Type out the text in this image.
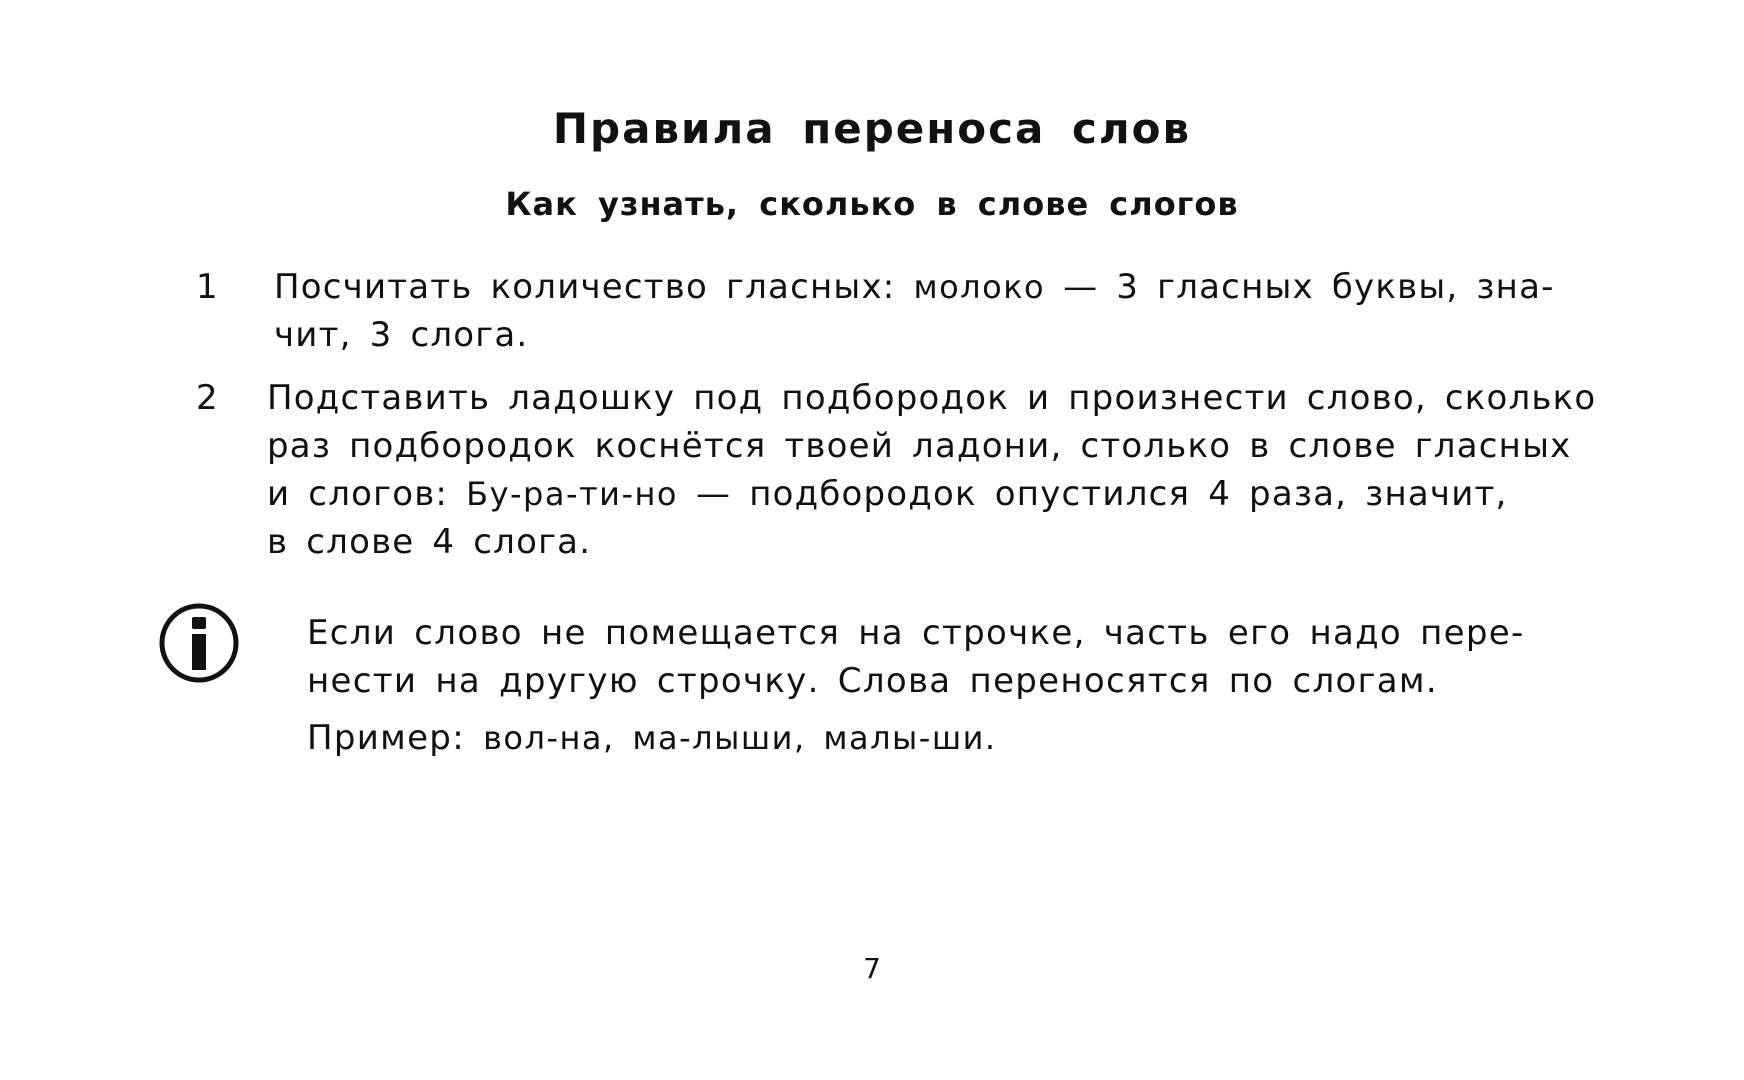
Правила переноса слов
Как узнать, сколько в слове слогов
1 Посчитать количество гласных: молоко — 3 гласных буквы, зна-
чит, 3 слога.
2 Подставить ладошку под подбородок и произнести слово, сколько
раз подбородок коснётся твоей ладони, столько в слове гласных
и слогов: Бу-ра-ти-но — подбородок опустился 4 раза, значит,
в слове 4 слога.
Если слово не помещается на строчке, часть его надо пере-
нести на другую строчку. Слова переносятся по слогам.
Пример: вол-на, ма-лыши, малы-ши.
7
